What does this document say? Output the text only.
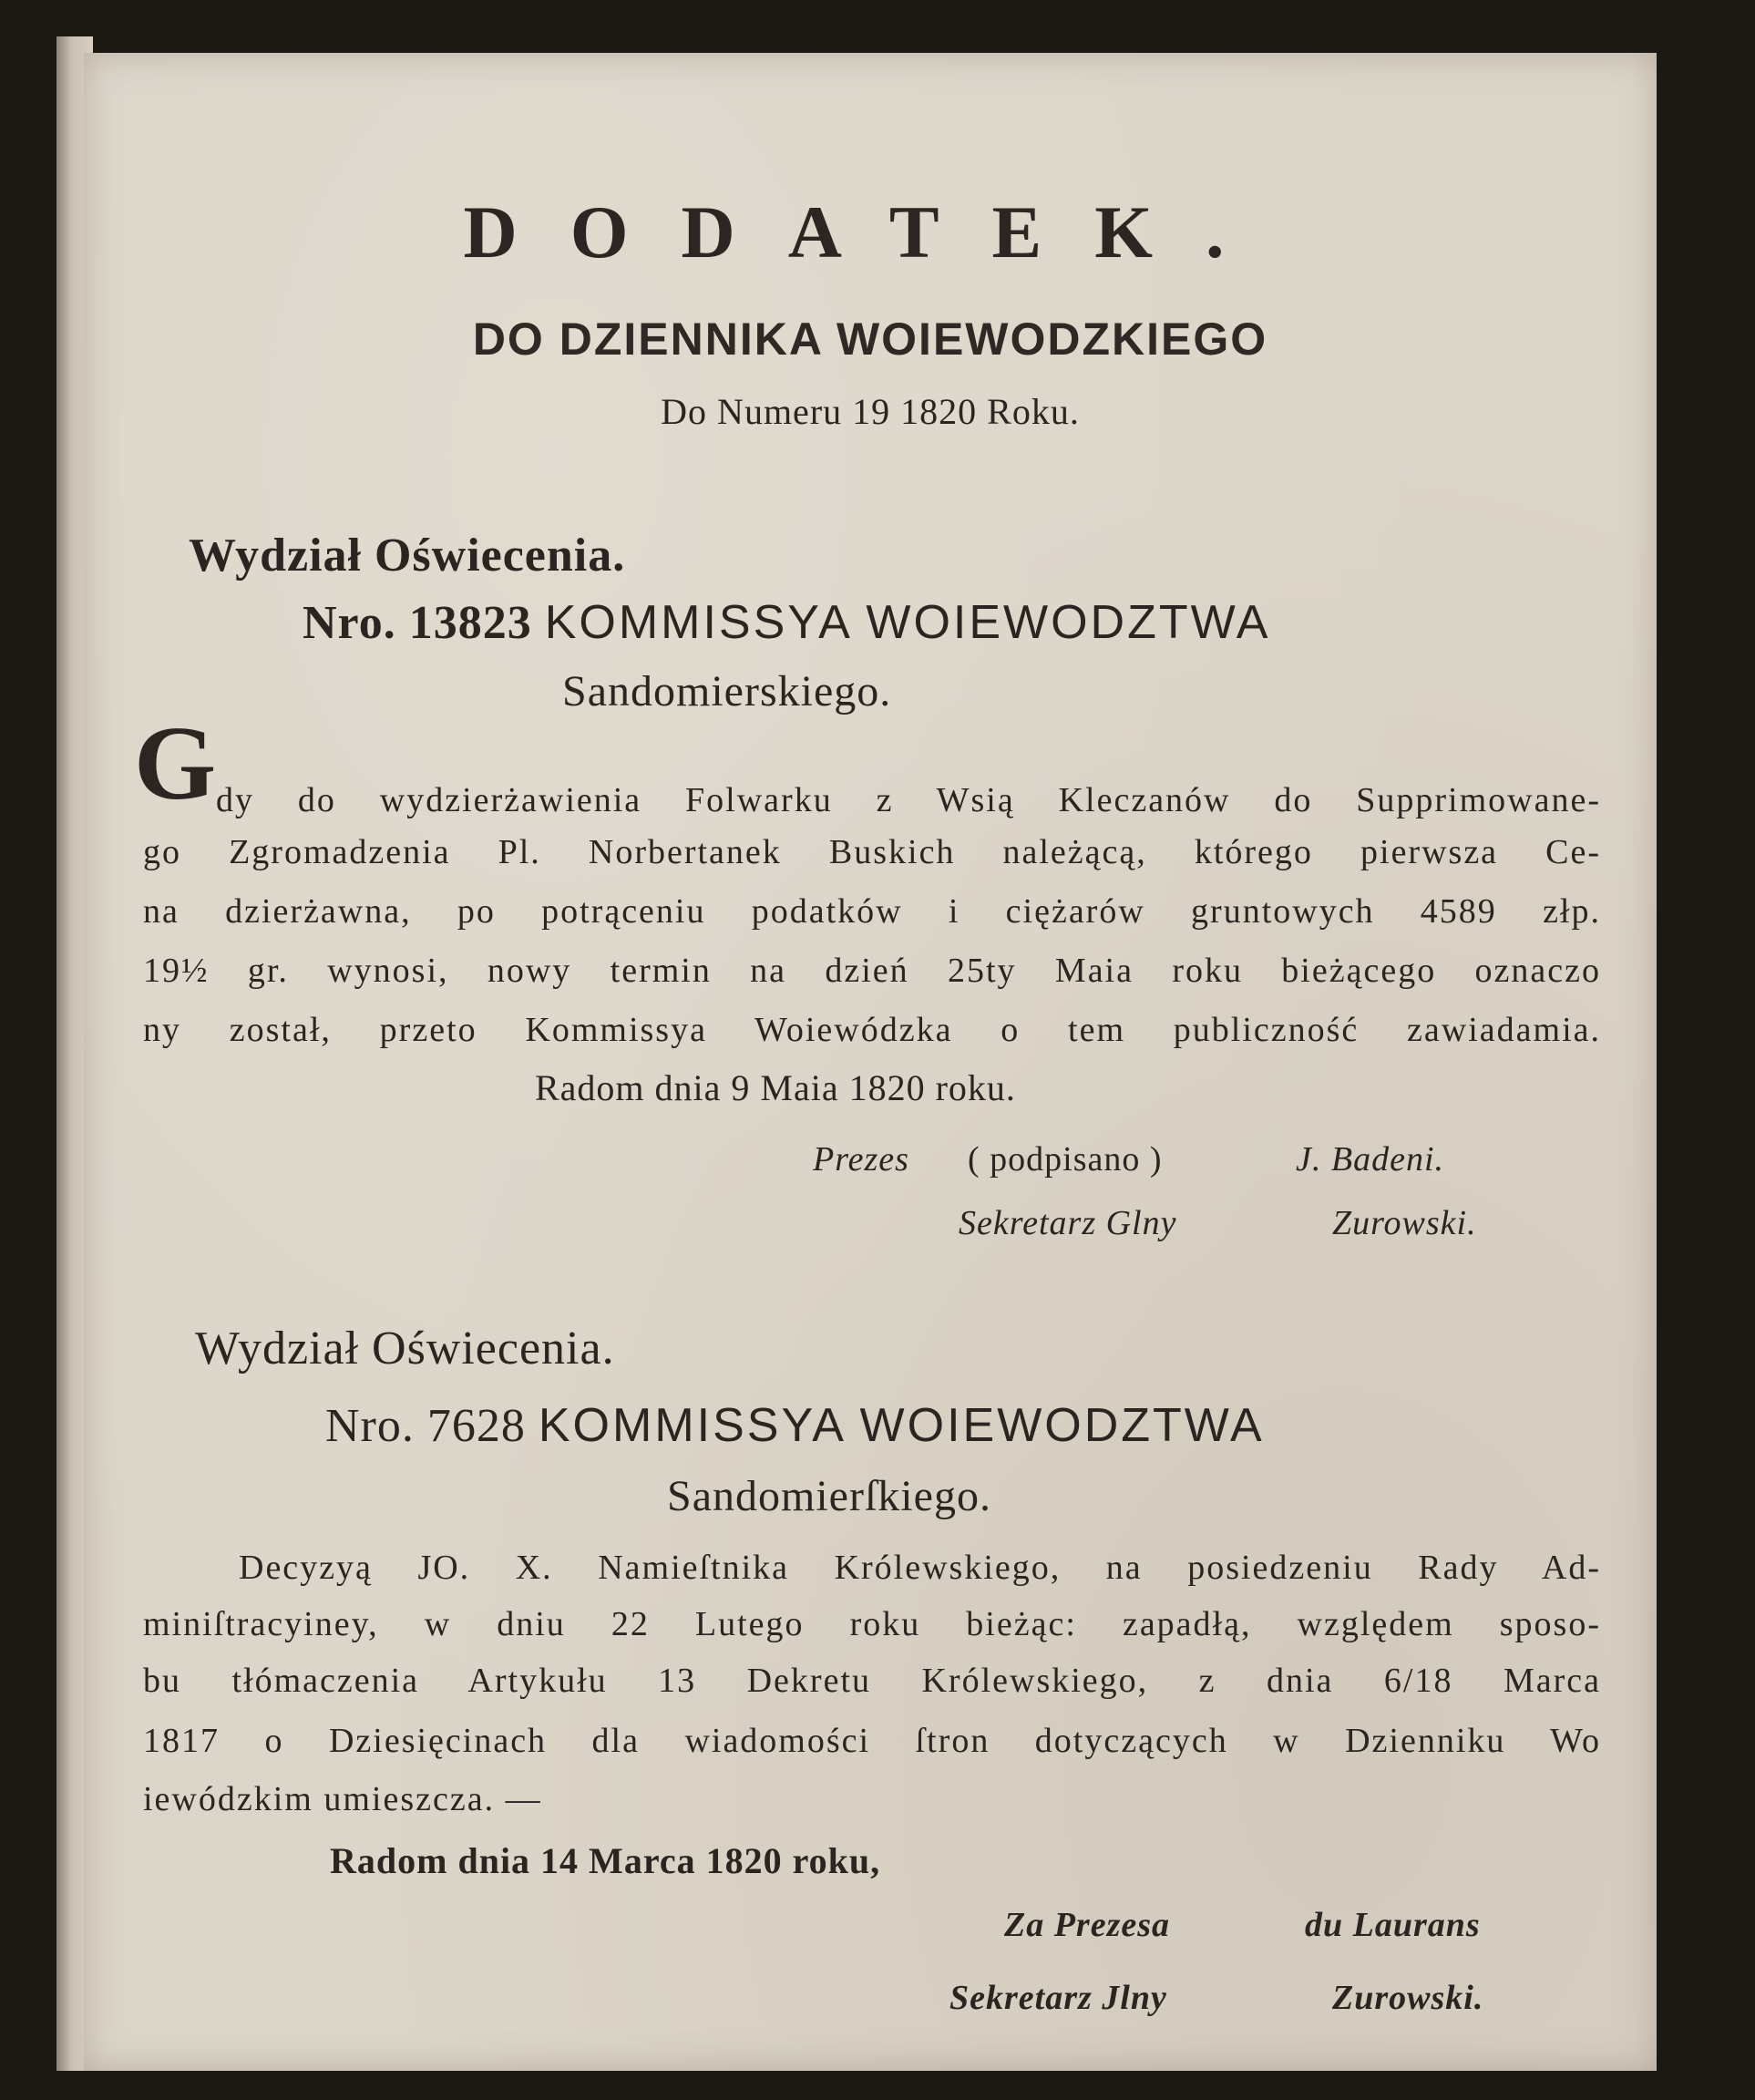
DODATEK.
DO DZIENNIKA WOIEWODZKIEGO
Do Numeru 19 1820 Roku.
Wydział Oświecenia.
Nro. 13823 KOMMISSYA WOIEWODZTWA
Sandomierskiego.
G dy do wydzierżawienia Folwarku z Wsią Kleczanów do Supprimowane-
go Zgromadzenia Pl. Norbertanek Buskich należącą, którego pierwsza Ce-
na dzierżawna, po potrąceniu podatków i ciężarów gruntowych 4589 złp.
19½ gr. wynosi, nowy termin na dzień 25ty Maia roku bieżącego oznaczo
ny został, przeto Kommissya Woiewódzka o tem publiczność zawiadamia.
Radom dnia 9 Maia 1820 roku.
Prezes ( podpisano )	J. Badeni.
Sekretarz Glny	Zurowski.
Wydział Oświecenia.
Nro. 7628 KOMMISSYA WOIEWODZTWA
Sandomierſkiego.
Decyzyą JO. X. Namieſtnika Królewskiego, na posiedzeniu Rady Ad-
miniſtracyiney, w dniu 22 Lutego roku bieżąc: zapadłą, względem sposo-
bu tłómaczenia Artykułu 13 Dekretu Królewskiego, z dnia 6/18 Marca
1817 o Dziesięcinach dla wiadomości ſtron dotyczących w Dzienniku Wo
iewódzkim umieszcza. —
Radom dnia 14 Marca 1820 roku,
Za Prezesa	du Laurans
Sekretarz Jlny	Zurowski.
